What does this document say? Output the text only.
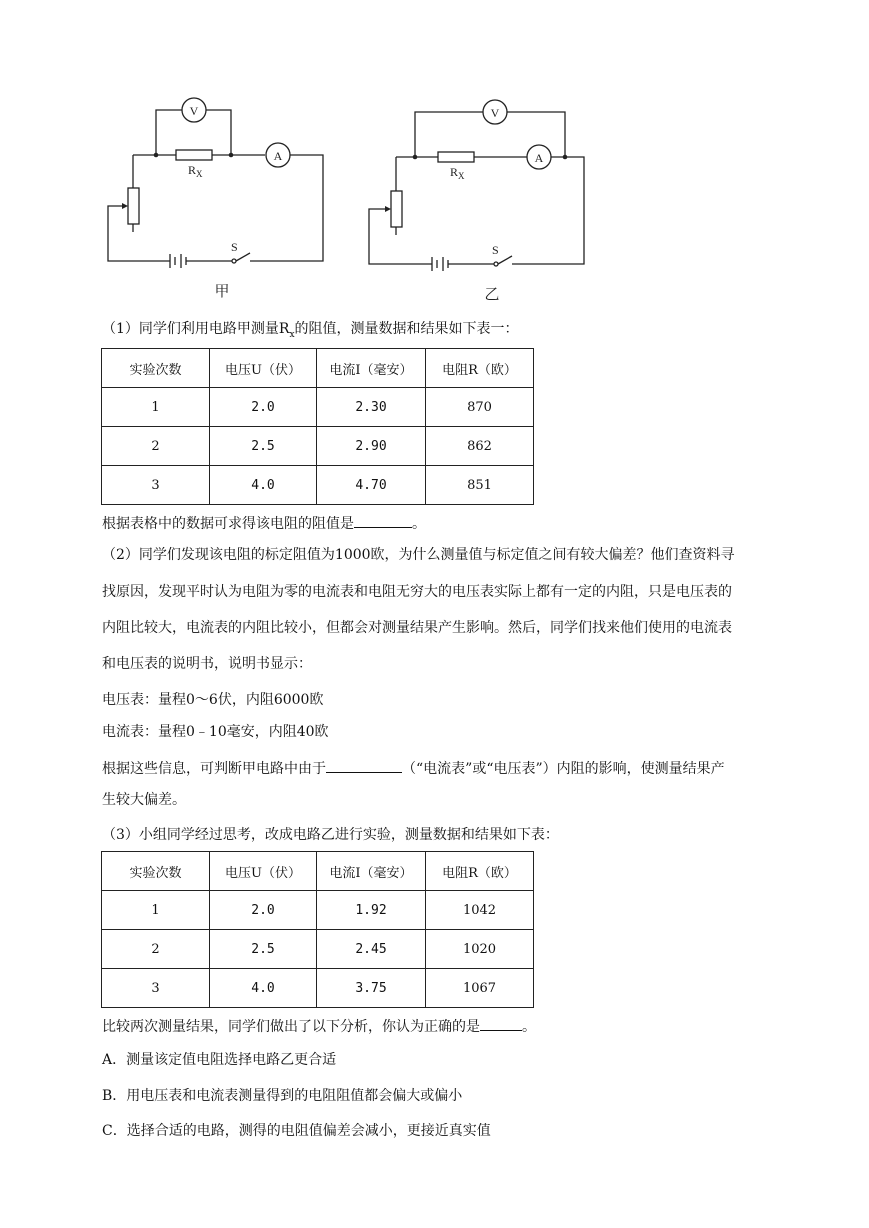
V
A
$R_X$
S
甲
V
A
$R_X$
S
乙
（1）同学们利用电路甲测量$R_x$的阻值，测量数据和结果如下表一：
实验次数	电压U（伏）	电流I（毫安）	电阻R（欧）
1	2.0	2.30	870
2	2.5	2.90	862
3	4.0	4.70	851
根据表格中的数据可求得该电阻的阻值是	。
（2）同学们发现该电阻的标定阻值为1000欧，为什么测量值与标定值之间有较大偏差？他们查资料寻
找原因，发现平时认为电阻为零的电流表和电阻无穷大的电压表实际上都有一定的内阻，只是电压表的
内阻比较大，电流表的内阻比较小，但都会对测量结果产生影响。然后，同学们找来他们使用的电流表
和电压表的说明书，说明书显示：
电压表：量程0～6伏，内阻6000欧
电流表：量程0﹣10毫安，内阻40欧
根据这些信息，可判断甲电路中由于	（“电流表”或“电压表”）内阻的影响，使测量结果产
生较大偏差。
（3）小组同学经过思考，改成电路乙进行实验，测量数据和结果如下表：
实验次数	电压U（伏）	电流I（毫安）	电阻R（欧）
1	2.0	1.92	1042
2	2.5	2.45	1020
3	4.0	3.75	1067
比较两次测量结果，同学们做出了以下分析，你认为正确的是	。
A．测量该定值电阻选择电路乙更合适
B．用电压表和电流表测量得到的电阻阻值都会偏大或偏小
C．选择合适的电路，测得的电阻值偏差会减小，更接近真实值
